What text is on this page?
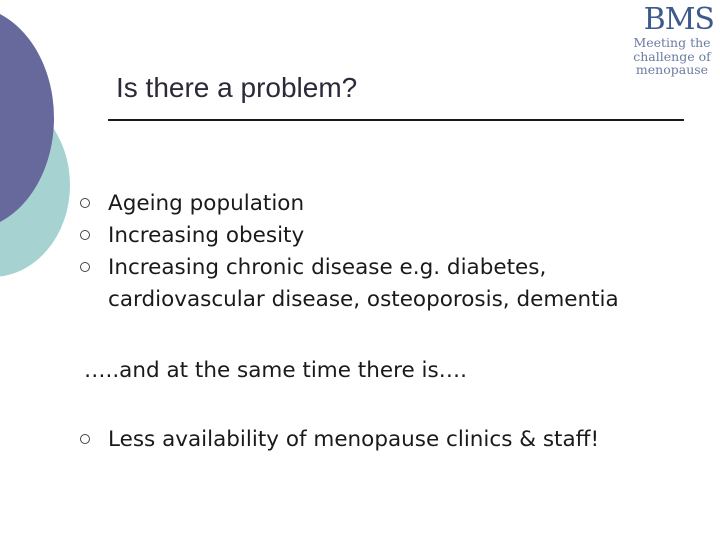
BMS
Meeting the
challenge of
menopause
Is there a problem?
Ageing population
Increasing obesity
Increasing chronic disease e.g. diabetes, cardiovascular disease, osteoporosis, dementia

…..and at the same time there is….

Less availability of menopause clinics & staff!
